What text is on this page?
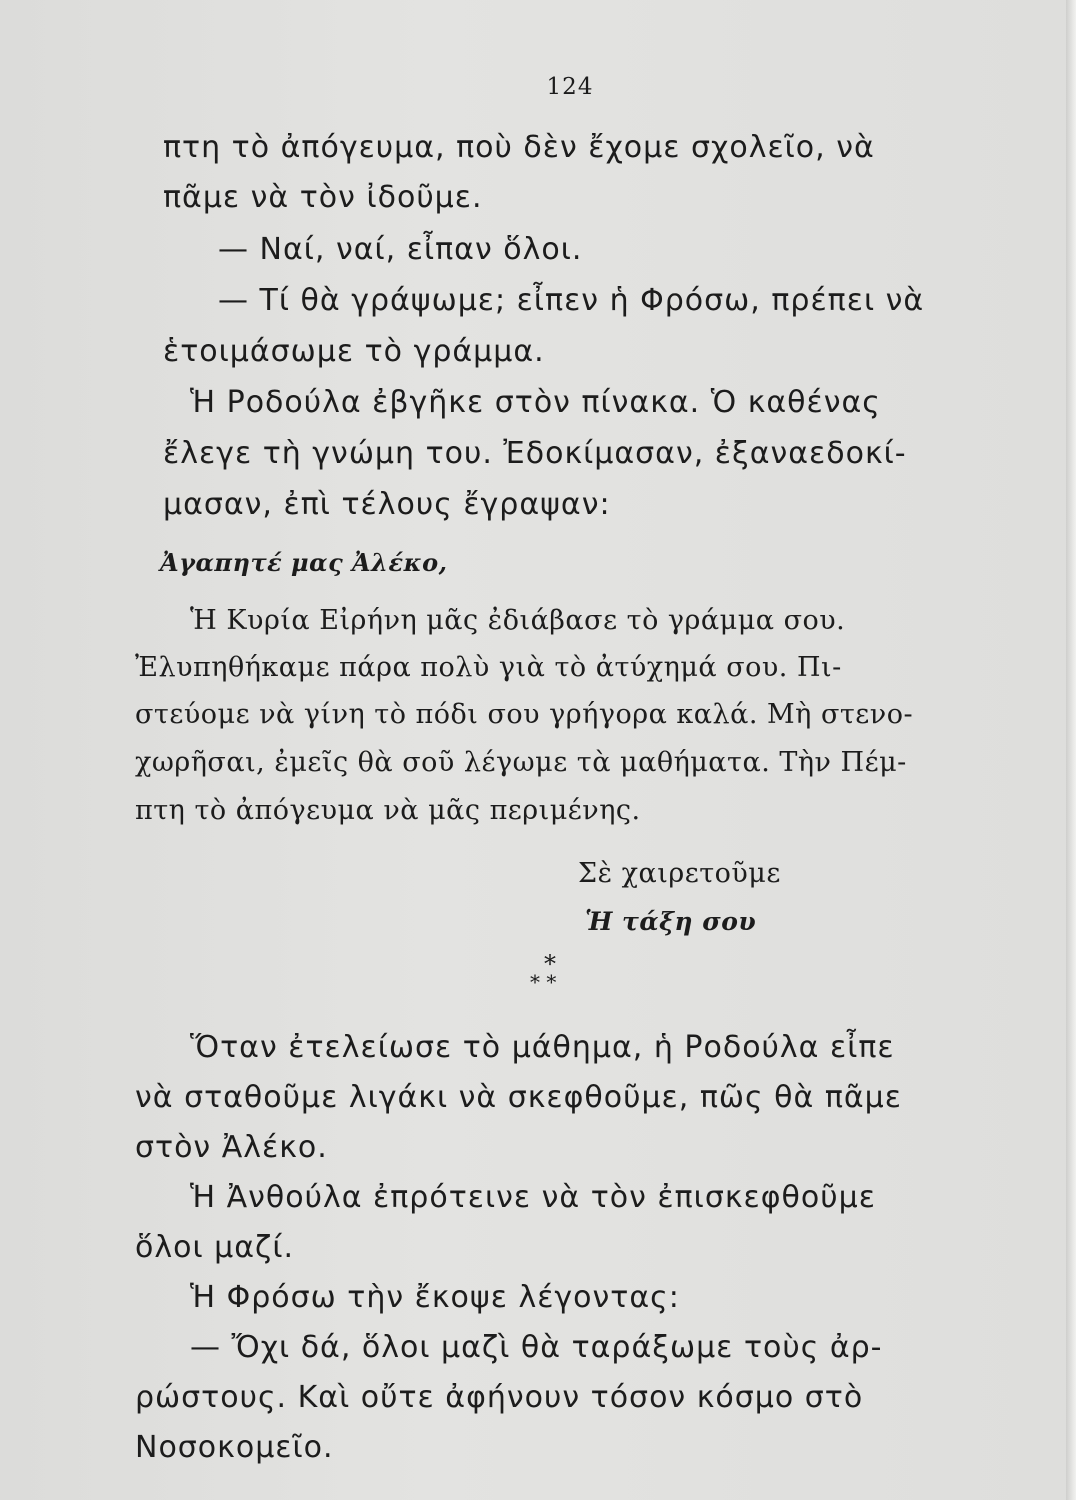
124
πτη τὸ ἀπόγευμα, ποὺ δὲν ἔχομε σχολεῖο, νὰ
πᾶμε νὰ τὸν ἰδοῦμε.
— Ναί, ναί, εἶπαν ὅλοι.
— Τί θὰ γράψωμε; εἶπεν ἡ Φρόσω, πρέπει νὰ
ἑτοιμάσωμε τὸ γράμμα.
Ἡ Ροδούλα ἐβγῆκε στὸν πίνακα. Ὁ καθένας
ἔλεγε τὴ γνώμη του. Ἐδοκίμασαν, ἐξαναεδοκί-
μασαν, ἐπὶ τέλους ἔγραψαν:
Ἀγαπητέ μας Ἀλέκο,
Ἡ Κυρία Εἰρήνη μᾶς ἐδιάβασε τὸ γράμμα σου.
Ἐλυπηθήκαμε πάρα πολὺ γιὰ τὸ ἀτύχημά σου. Πι-
στεύομε νὰ γίνη τὸ πόδι σου γρήγορα καλά. Μὴ στενο-
χωρῆσαι, ἐμεῖς θὰ σοῦ λέγωμε τὰ μαθήματα. Τὴν Πέμ-
πτη τὸ ἀπόγευμα νὰ μᾶς περιμένης.
Σὲ χαιρετοῦμε
Ἡ τάξη σου
*
* *
Ὅταν ἐτελείωσε τὸ μάθημα, ἡ Ροδούλα εἶπε
νὰ σταθοῦμε λιγάκι νὰ σκεφθοῦμε, πῶς θὰ πᾶμε
στὸν Ἀλέκο.
Ἡ Ἀνθούλα ἐπρότεινε νὰ τὸν ἐπισκεφθοῦμε
ὅλοι μαζί.
Ἡ Φρόσω τὴν ἔκοψε λέγοντας:
— Ὄχι δά, ὅλοι μαζὶ θὰ ταράξωμε τοὺς ἀρ-
ρώστους. Καὶ οὔτε ἀφήνουν τόσον κόσμο στὸ
Νοσοκομεῖο.
